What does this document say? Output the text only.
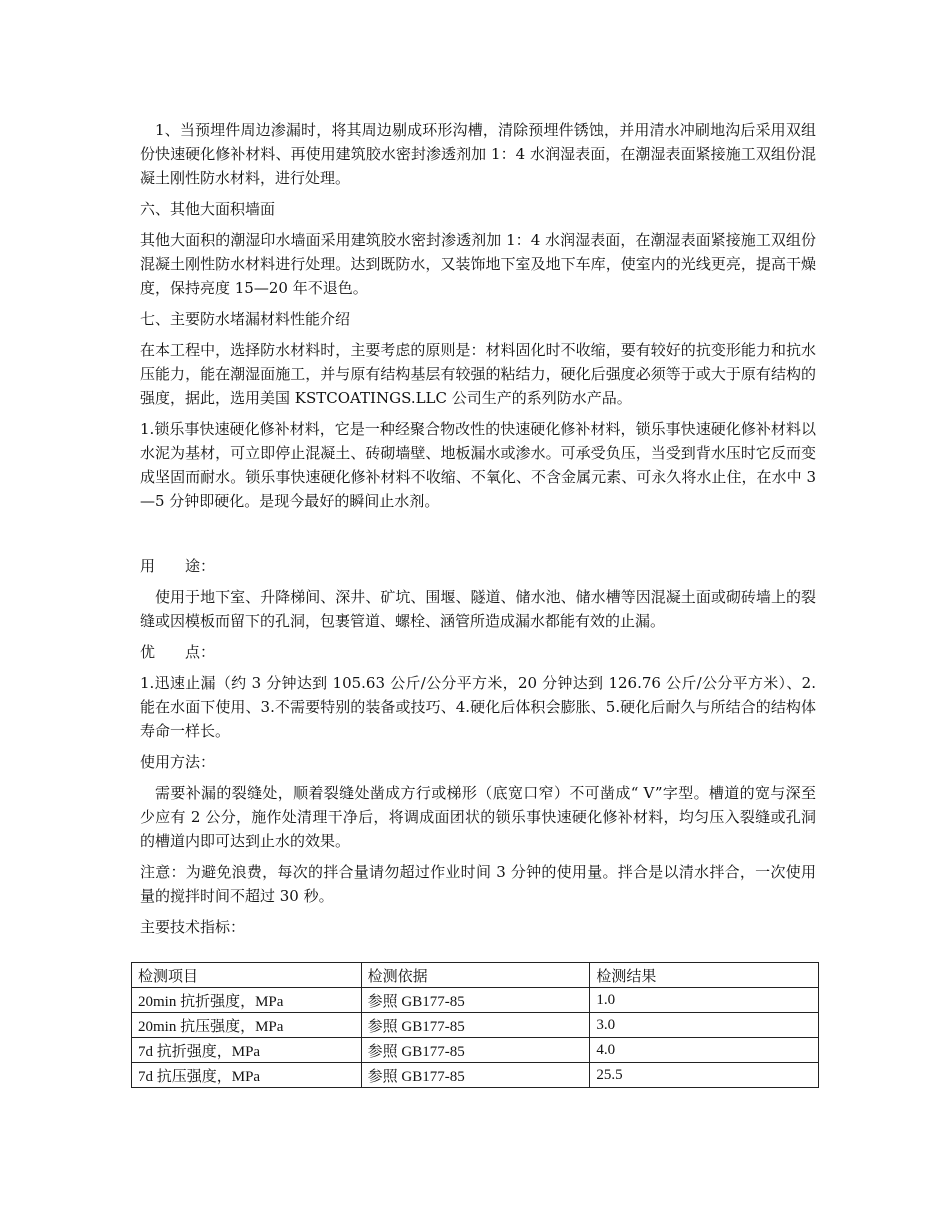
1、当预埋件周边渗漏时，将其周边剔成环形沟槽，清除预埋件锈蚀，并用清水冲刷地沟后采用双组份快速硬化修补材料、再使用建筑胶水密封渗透剂加 1：4 水润湿表面，在潮湿表面紧接施工双组份混凝土刚性防水材料，进行处理。

六、其他大面积墙面

其他大面积的潮湿印水墙面采用建筑胶水密封渗透剂加 1：4 水润湿表面，在潮湿表面紧接施工双组份混凝土刚性防水材料进行处理。达到既防水，又装饰地下室及地下车库，使室内的光线更亮，提高干燥度，保持亮度 15—20 年不退色。

七、主要防水堵漏材料性能介绍

在本工程中，选择防水材料时，主要考虑的原则是：材料固化时不收缩，要有较好的抗变形能力和抗水压能力，能在潮湿面施工，并与原有结构基层有较强的粘结力，硬化后强度必须等于或大于原有结构的强度，据此，选用美国 KSTCOATINGS.LLC 公司生产的系列防水产品。

1.锁乐事快速硬化修补材料，它是一种经聚合物改性的快速硬化修补材料，锁乐事快速硬化修补材料以水泥为基材，可立即停止混凝土、砖砌墙壁、地板漏水或渗水。可承受负压，当受到背水压时它反而变成坚固而耐水。锁乐事快速硬化修补材料不收缩、不氧化、不含金属元素、可永久将水止住，在水中 3—5 分钟即硬化。是现今最好的瞬间止水剂。

用　　途：

使用于地下室、升降梯间、深井、矿坑、围堰、隧道、储水池、储水槽等因混凝土面或砌砖墙上的裂缝或因模板而留下的孔洞，包裹管道、螺栓、涵管所造成漏水都能有效的止漏。

优　　点：

1.迅速止漏（约 3 分钟达到 105.63 公斤/公分平方米，20 分钟达到 126.76 公斤/公分平方米）、2.能在水面下使用、3.不需要特别的装备或技巧、4.硬化后体积会膨胀、5.硬化后耐久与所结合的结构体寿命一样长。

使用方法：

需要补漏的裂缝处，顺着裂缝处凿成方行或梯形（底宽口窄）不可凿成“ V”字型。槽道的宽与深至少应有 2 公分，施作处清理干净后，将调成面团状的锁乐事快速硬化修补材料，均匀压入裂缝或孔洞的槽道内即可达到止水的效果。

注意：为避免浪费，每次的拌合量请勿超过作业时间 3 分钟的使用量。拌合是以清水拌合，一次使用量的搅拌时间不超过 30 秒。

主要技术指标：

检测项目	检测依据	检测结果
20min 抗折强度，MPa	参照 GB177-85	1.0
20min 抗压强度，MPa	参照 GB177-85	3.0
7d 抗折强度，MPa	参照 GB177-85	4.0
7d 抗压强度，MPa	参照 GB177-85	25.5
